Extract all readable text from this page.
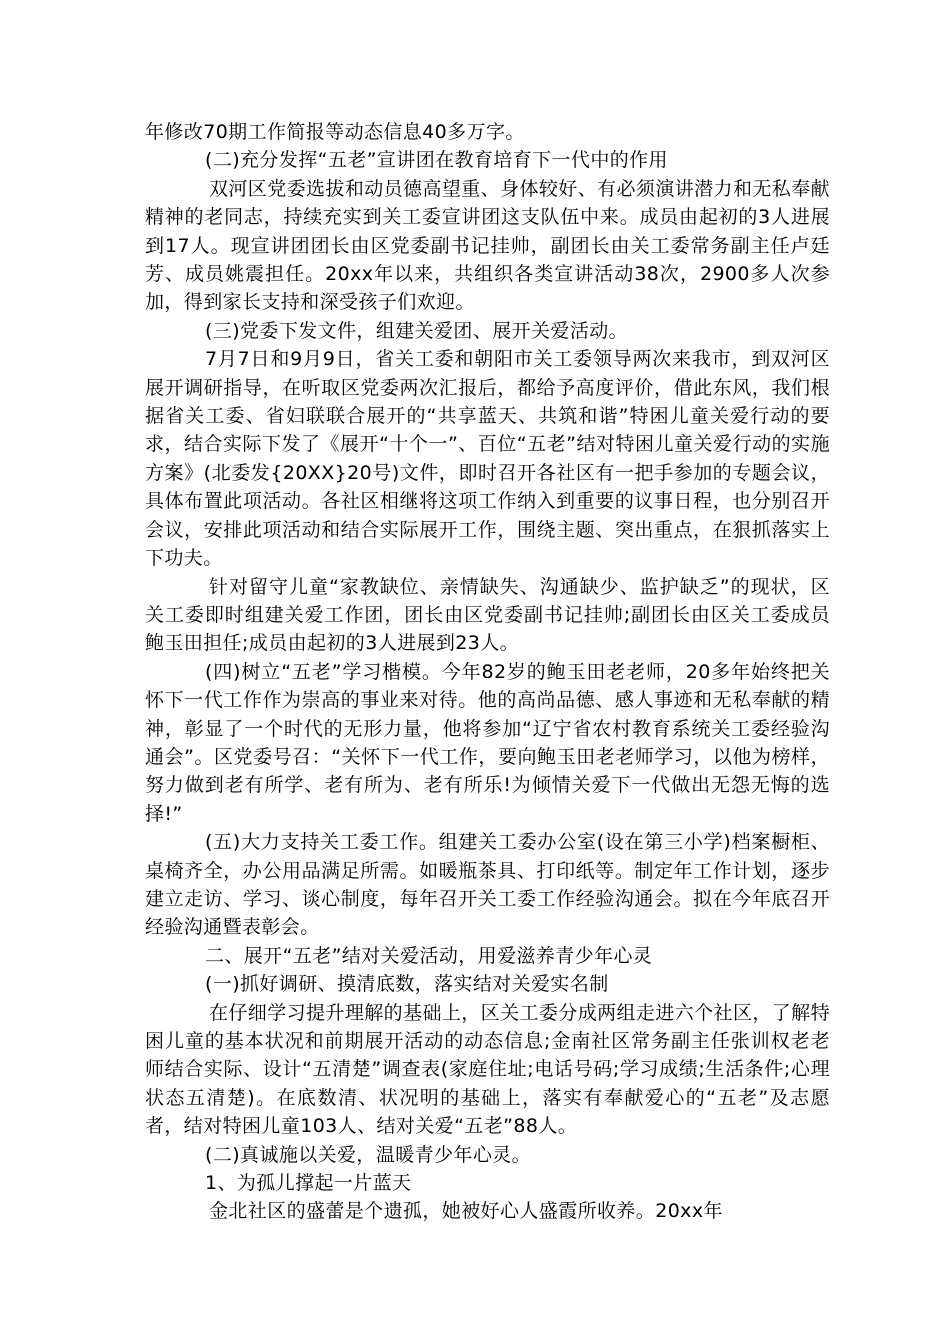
年修改70期工作简报等动态信息40多万字。

(二)充分发挥“五老”宣讲团在教育培育下一代中的作用

双河区党委选拔和动员德高望重、身体较好、有必须演讲潜力和无私奉献精神的老同志，持续充实到关工委宣讲团这支队伍中来。成员由起初的3人进展到17人。现宣讲团团长由区党委副书记挂帅，副团长由关工委常务副主任卢廷芳、成员姚震担任。20xx年以来，共组织各类宣讲活动38次，2900多人次参加，得到家长支持和深受孩子们欢迎。

(三)党委下发文件，组建关爱团、展开关爱活动。

7月7日和9月9日，省关工委和朝阳市关工委领导两次来我市，到双河区展开调研指导，在听取区党委两次汇报后，都给予高度评价，借此东风，我们根据省关工委、省妇联联合展开的“共享蓝天、共筑和谐”特困儿童关爱行动的要求，结合实际下发了《展开“十个一”、百位“五老”结对特困儿童关爱行动的实施方案》(北委发{20XX}20号)文件，即时召开各社区有一把手参加的专题会议，具体布置此项活动。各社区相继将这项工作纳入到重要的议事日程，也分别召开会议，安排此项活动和结合实际展开工作，围绕主题、突出重点，在狠抓落实上下功夫。

针对留守儿童“家教缺位、亲情缺失、沟通缺少、监护缺乏”的现状，区关工委即时组建关爱工作团，团长由区党委副书记挂帅;副团长由区关工委成员鲍玉田担任;成员由起初的3人进展到23人。

(四)树立“五老”学习楷模。今年82岁的鲍玉田老老师，20多年始终把关怀下一代工作作为崇高的事业来对待。他的高尚品德、感人事迹和无私奉献的精神，彰显了一个时代的无形力量，他将参加“辽宁省农村教育系统关工委经验沟通会”。区党委号召：“关怀下一代工作，要向鲍玉田老老师学习，以他为榜样，努力做到老有所学、老有所为、老有所乐!为倾情关爱下一代做出无怨无悔的选择!”

(五)大力支持关工委工作。组建关工委办公室(设在第三小学)档案橱柜、桌椅齐全，办公用品满足所需。如暖瓶茶具、打印纸等。制定年工作计划，逐步建立走访、学习、谈心制度，每年召开关工委工作经验沟通会。拟在今年底召开经验沟通暨表彰会。

二、展开“五老”结对关爱活动，用爱滋养青少年心灵

(一)抓好调研、摸清底数，落实结对关爱实名制

在仔细学习提升理解的基础上，区关工委分成两组走进六个社区，了解特困儿童的基本状况和前期展开活动的动态信息;金南社区常务副主任张训权老老师结合实际、设计“五清楚”调查表(家庭住址;电话号码;学习成绩;生活条件;心理状态五清楚)。在底数清、状况明的基础上，落实有奉献爱心的“五老”及志愿者，结对特困儿童103人、结对关爱“五老”88人。

(二)真诚施以关爱，温暖青少年心灵。

1、为孤儿撑起一片蓝天

金北社区的盛蕾是个遗孤，她被好心人盛霞所收养。20xx年
